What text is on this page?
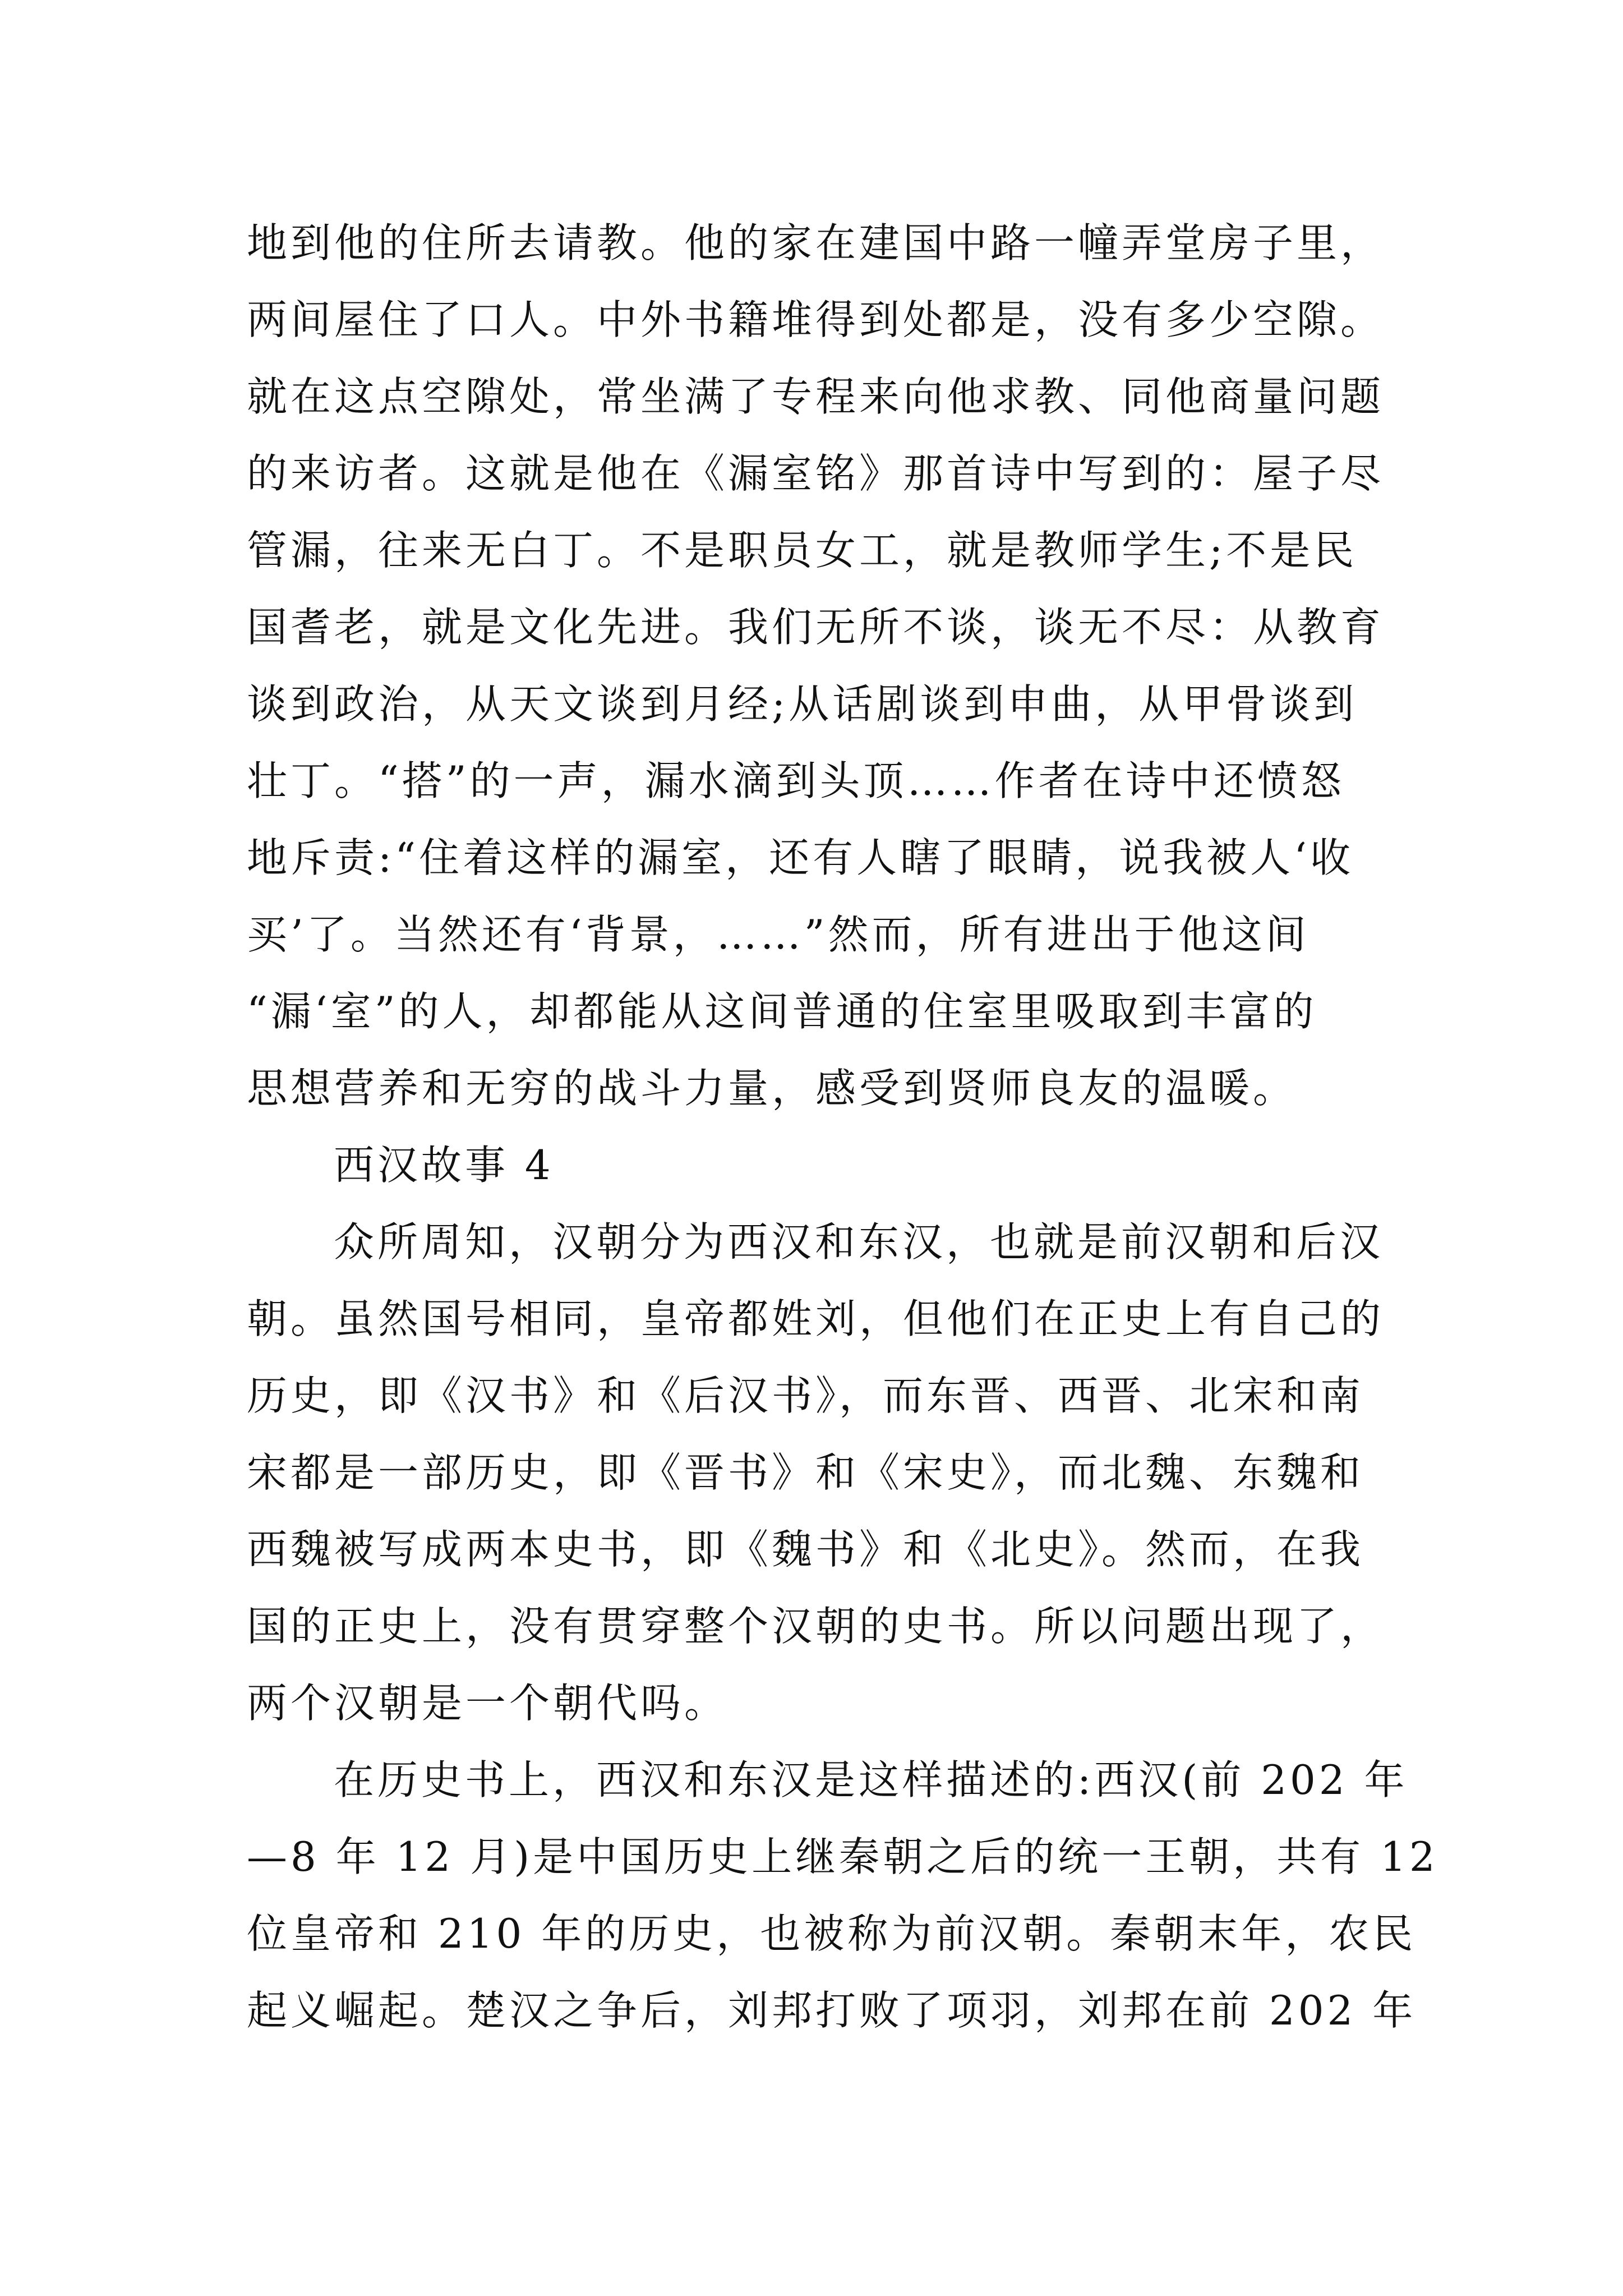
地到他的住所去请教。他的家在建国中路一幢弄堂房子里，
两间屋住了口人。中外书籍堆得到处都是，没有多少空隙。
就在这点空隙处，常坐满了专程来向他求教、同他商量问题
的来访者。这就是他在《漏室铭》那首诗中写到的：屋子尽
管漏，往来无白丁。不是职员女工，就是教师学生;不是民
国耆老，就是文化先进。我们无所不谈，谈无不尽：从教育
谈到政治，从天文谈到月经;从话剧谈到申曲，从甲骨谈到
壮丁。“搭”的一声，漏水滴到头顶……作者在诗中还愤怒
地斥责:“住着这样的漏室，还有人瞎了眼睛，说我被人‘收
买’了。当然还有‘背景，……”然而，所有进出于他这间
“漏‘室”的人，却都能从这间普通的住室里吸取到丰富的
思想营养和无穷的战斗力量，感受到贤师良友的温暖。
西汉故事 4
众所周知，汉朝分为西汉和东汉，也就是前汉朝和后汉
朝。虽然国号相同，皇帝都姓刘，但他们在正史上有自己的
历史，即《汉书》和《后汉书》，而东晋、西晋、北宋和南
宋都是一部历史，即《晋书》和《宋史》，而北魏、东魏和
西魏被写成两本史书，即《魏书》和《北史》。然而，在我
国的正史上，没有贯穿整个汉朝的史书。所以问题出现了，
两个汉朝是一个朝代吗。
在历史书上，西汉和东汉是这样描述的:西汉(前 202 年
—8 年 12 月)是中国历史上继秦朝之后的统一王朝，共有 12
位皇帝和 210 年的历史，也被称为前汉朝。秦朝末年，农民
起义崛起。楚汉之争后，刘邦打败了项羽，刘邦在前 202 年
